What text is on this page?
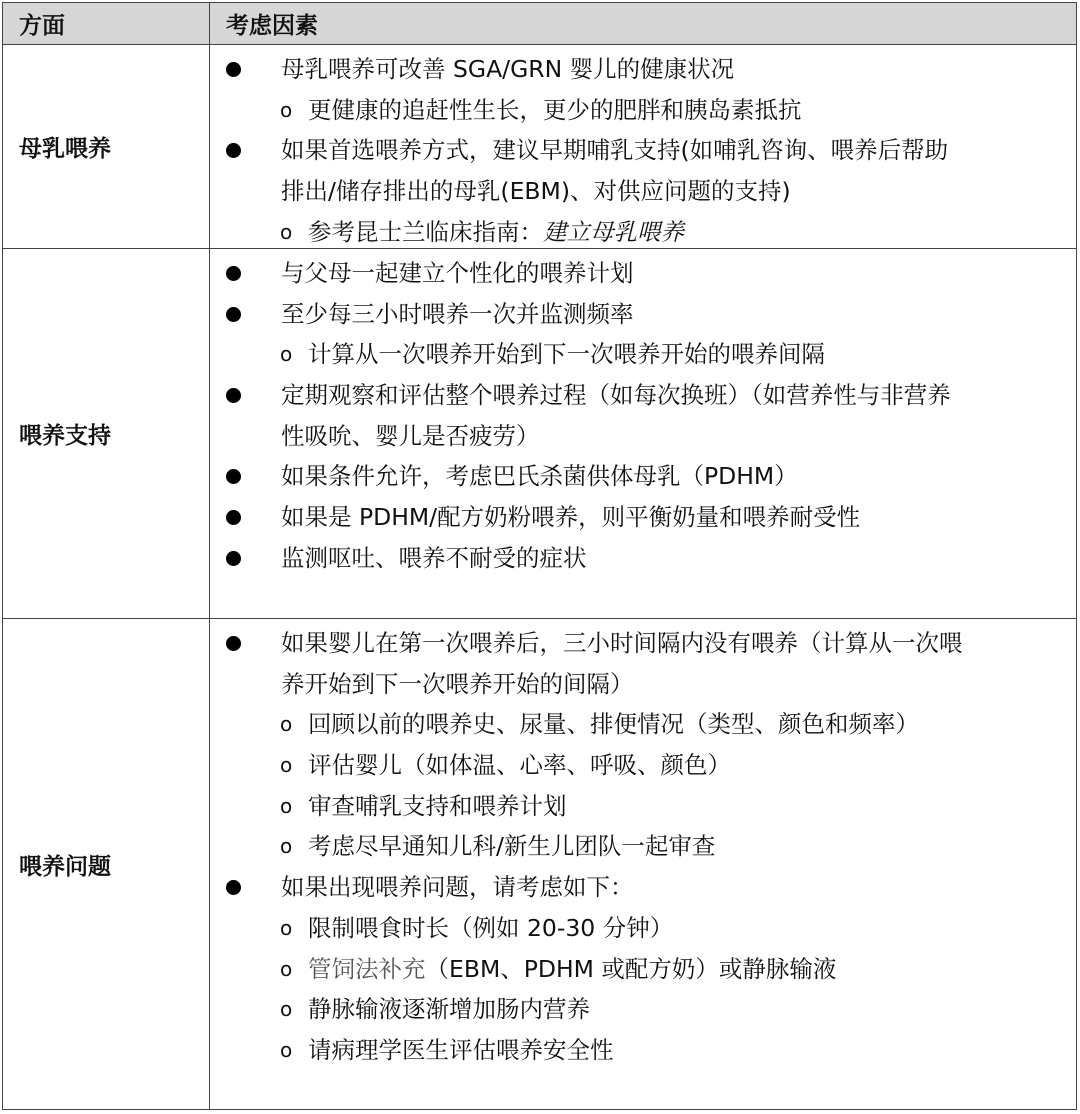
方面	考虑因素
母乳喂养
母乳喂养可改善 SGA/GRN 婴儿的健康状况
o 更健康的追赶性生长，更少的肥胖和胰岛素抵抗
如果首选喂养方式，建议早期哺乳支持(如哺乳咨询、喂养后帮助
排出/储存排出的母乳(EBM)、对供应问题的支持)
o 参考昆士兰临床指南：建立母乳喂养
喂养支持
与父母一起建立个性化的喂养计划
至少每三小时喂养一次并监测频率
o 计算从一次喂养开始到下一次喂养开始的喂养间隔
定期观察和评估整个喂养过程（如每次换班）（如营养性与非营养
性吸吮、婴儿是否疲劳）
如果条件允许，考虑巴氏杀菌供体母乳（PDHM）
如果是 PDHM/配方奶粉喂养，则平衡奶量和喂养耐受性
监测呕吐、喂养不耐受的症状
喂养问题
如果婴儿在第一次喂养后，三小时间隔内没有喂养（计算从一次喂
养开始到下一次喂养开始的间隔）
o 回顾以前的喂养史、尿量、排便情况（类型、颜色和频率）
o 评估婴儿（如体温、心率、呼吸、颜色）
o 审查哺乳支持和喂养计划
o 考虑尽早通知儿科/新生儿团队一起审查
如果出现喂养问题，请考虑如下：
o 限制喂食时长（例如 20-30 分钟）
o 管饲法补充（EBM、PDHM 或配方奶）或静脉输液
o 静脉输液逐渐增加肠内营养
o 请病理学医生评估喂养安全性
